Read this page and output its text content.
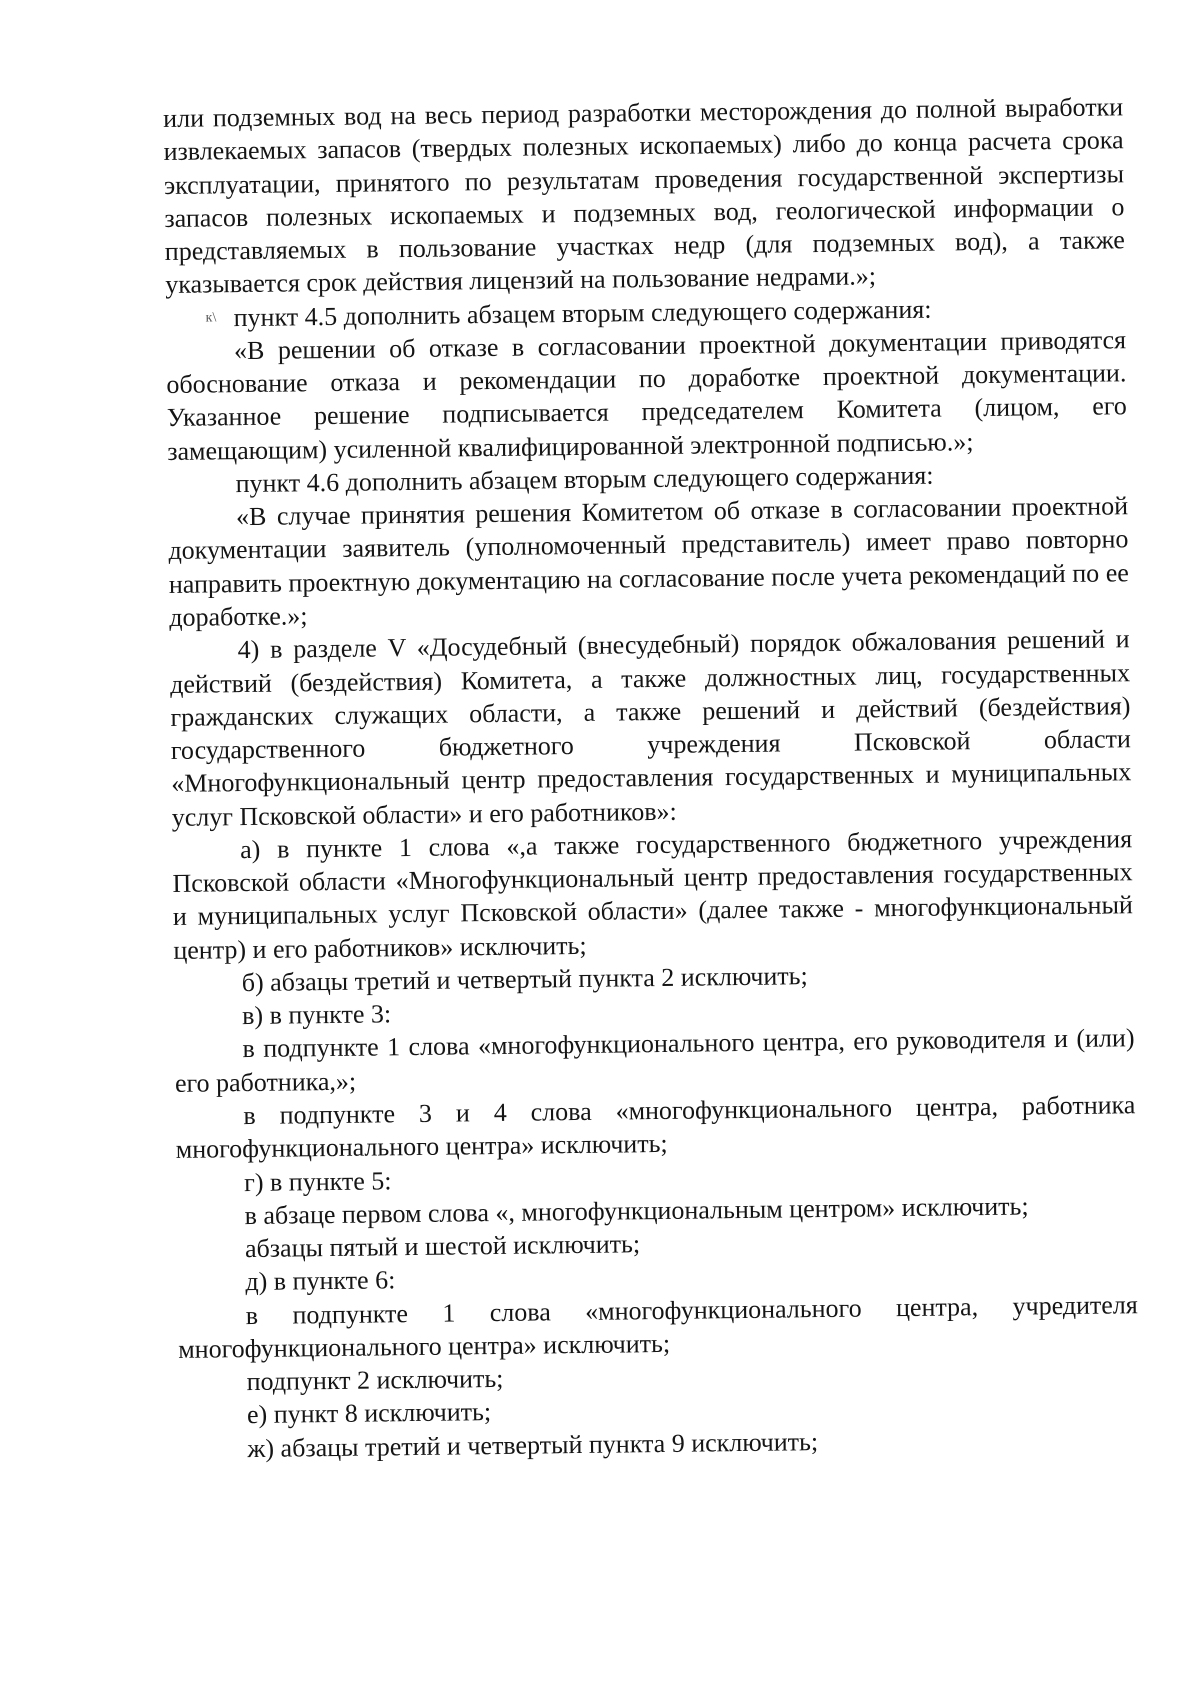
или подземных вод на весь период разработки месторождения до полной выработки извлекаемых запасов (твердых полезных ископаемых) либо до конца расчета срока эксплуатации, принятого по результатам проведения государственной экспертизы запасов полезных ископаемых и подземных вод, геологической информации о представляемых в пользование участках недр (для подземных вод), а также указывается срок действия лицензий на пользование недрами.»;

к\ пункт 4.5 дополнить абзацем вторым следующего содержания:

«В решении об отказе в согласовании проектной документации приводятся обоснование отказа и рекомендации по доработке проектной документации. Указанное решение подписывается председателем Комитета (лицом, его замещающим) усиленной квалифицированной электронной подписью.»;

пункт 4.6 дополнить абзацем вторым следующего содержания:

«В случае принятия решения Комитетом об отказе в согласовании проектной документации заявитель (уполномоченный представитель) имеет право повторно направить проектную документацию на согласование после учета рекомендаций по ее доработке.»;

4) в разделе V «Досудебный (внесудебный) порядок обжалования решений и действий (бездействия) Комитета, а также должностных лиц, государственных гражданских служащих области, а также решений и действий (бездействия) государственного бюджетного учреждения Псковской области «Многофункциональный центр предоставления государственных и муниципальных услуг Псковской области» и его работников»:

а) в пункте 1 слова «,а также государственного бюджетного учреждения Псковской области «Многофункциональный центр предоставления государственных и муниципальных услуг Псковской области» (далее также - многофункциональный центр) и его работников» исключить;

б) абзацы третий и четвертый пункта 2 исключить;

в) в пункте 3:

в подпункте 1 слова «многофункционального центра, его руководителя и (или) его работника,»;

в подпункте 3 и 4 слова «многофункционального центра, работника многофункционального центра» исключить;

г) в пункте 5:

в абзаце первом слова «, многофункциональным центром» исключить;

абзацы пятый и шестой исключить;

д) в пункте 6:

в подпункте 1 слова «многофункционального центра, учредителя многофункционального центра» исключить;

подпункт 2 исключить;

е) пункт 8 исключить;

ж) абзацы третий и четвертый пункта 9 исключить;
